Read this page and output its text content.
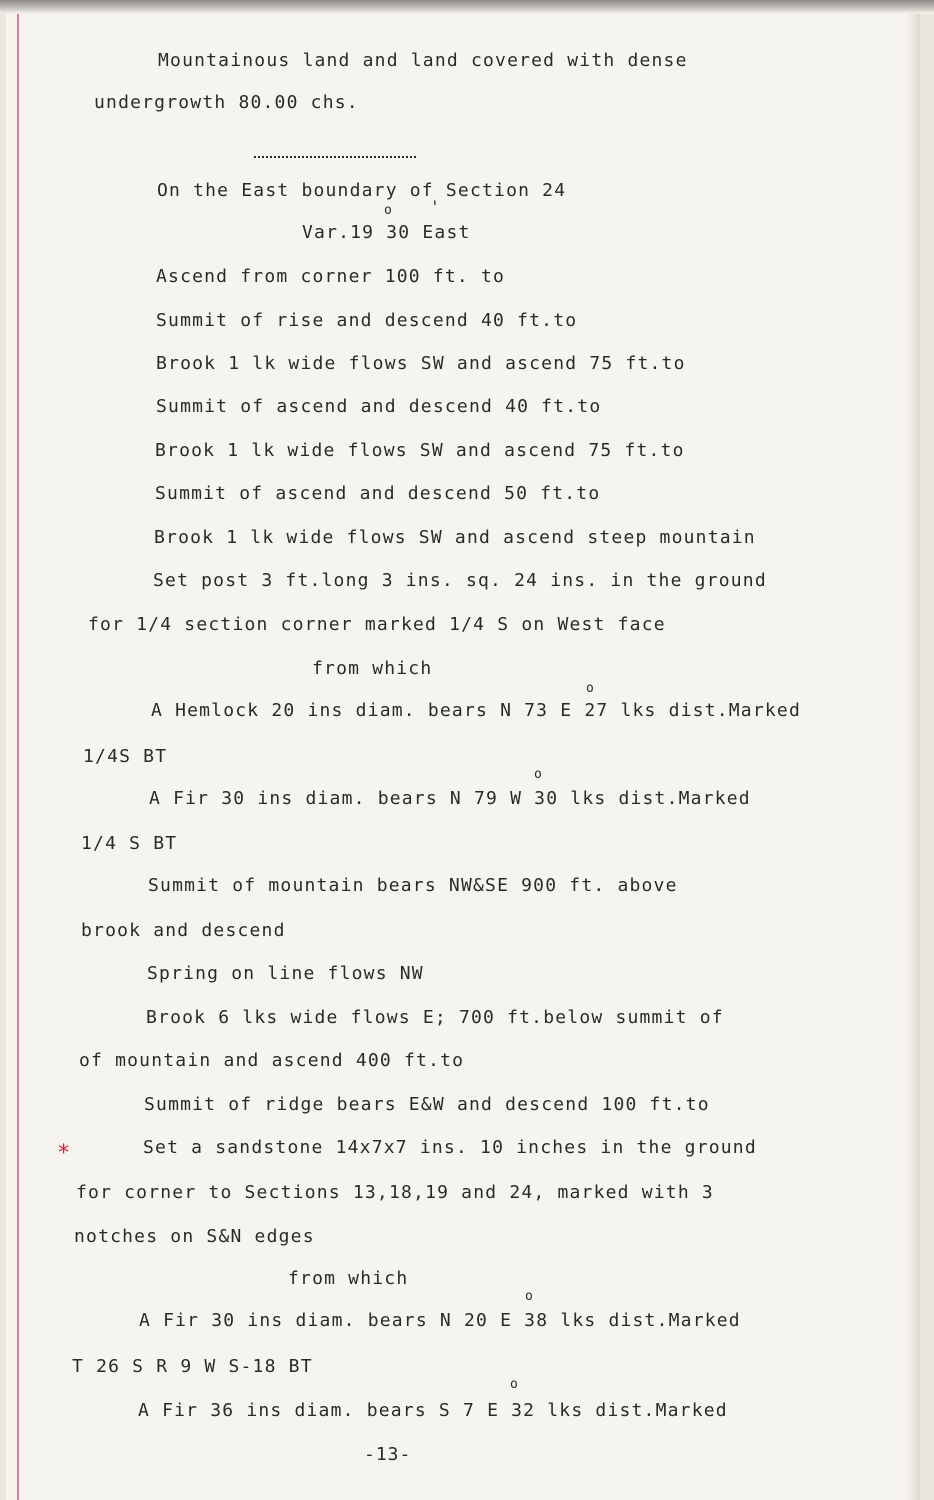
Mountainous land and land covered with dense
undergrowth 80.00 chs.
On the East boundary of Section 24
o '
Var.19 30 East
Ascend from corner 100 ft. to
Summit of rise and descend 40 ft.to
Brook 1 lk wide flows SW and ascend 75 ft.to
Summit of ascend and descend 40 ft.to
Brook 1 lk wide flows SW and ascend 75 ft.to
Summit of ascend and descend 50 ft.to
Brook 1 lk wide flows SW and ascend steep mountain
Set post 3 ft.long 3 ins. sq. 24 ins. in the ground
for 1/4 section corner marked 1/4 S on West face
from which
o
A Hemlock 20 ins diam. bears N 73 E 27 lks dist.Marked
1/4S BT
o
A Fir 30 ins diam. bears N 79 W 30 lks dist.Marked
1/4 S BT
Summit of mountain bears NW&SE 900 ft. above
brook and descend
Spring on line flows NW
Brook 6 lks wide flows E; 700 ft.below summit of
of mountain and ascend 400 ft.to
Summit of ridge bears E&W and descend 100 ft.to
*	Set a sandstone 14x7x7 ins. 10 inches in the ground
for corner to Sections 13,18,19 and 24, marked with 3
notches on S&N edges
from which
o
A Fir 30 ins diam. bears N 20 E 38 lks dist.Marked
T 26 S R 9 W S-18 BT
o
A Fir 36 ins diam. bears S 7 E 32 lks dist.Marked
-13-
